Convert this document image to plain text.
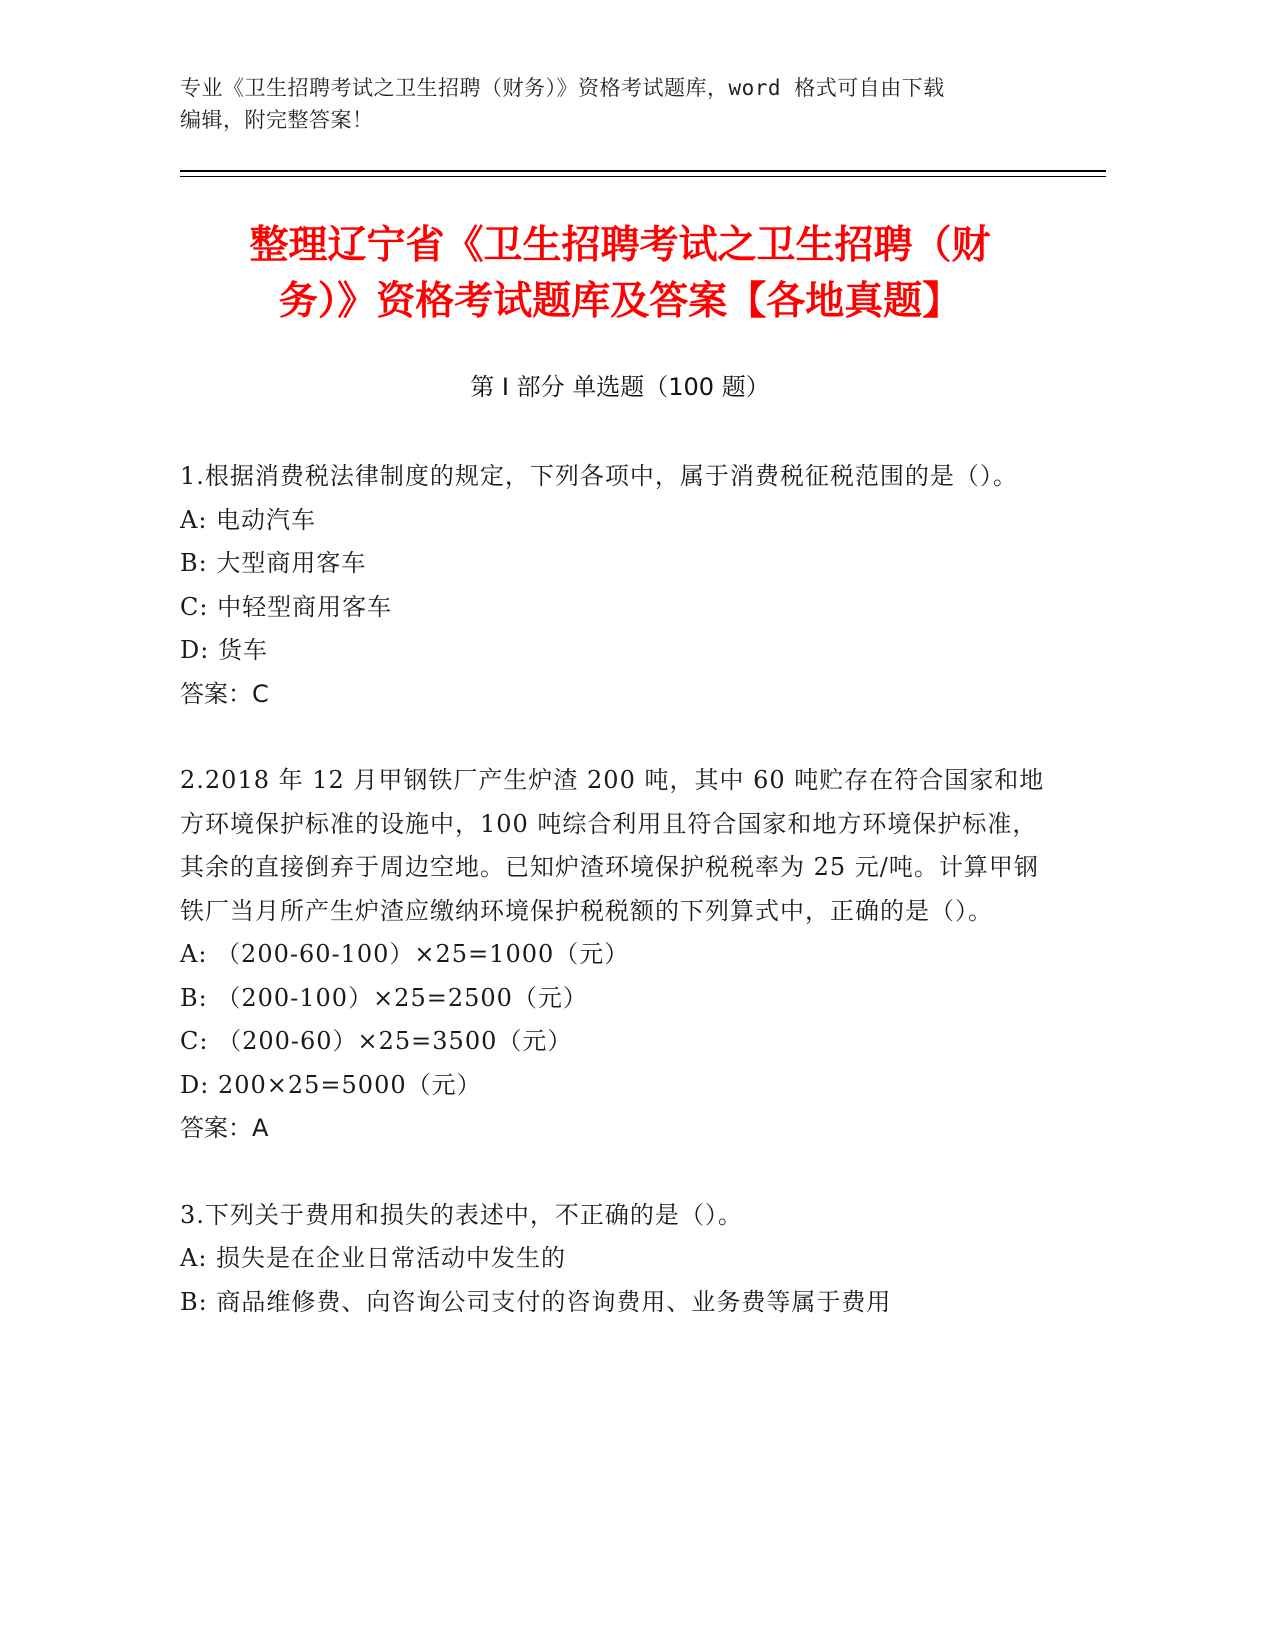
专业《卫生招聘考试之卫生招聘（财务）》资格考试题库，word 格式可自由下载
编辑，附完整答案！
整理辽宁省《卫生招聘考试之卫生招聘（财
务）》资格考试题库及答案【各地真题】
第 I 部分 单选题（100 题）

1.根据消费税法律制度的规定，下列各项中，属于消费税征税范围的是（）。

A: 电动汽车

B: 大型商用客车

C: 中轻型商用客车

D: 货车

答案：C

2.2018 年 12 月甲钢铁厂产生炉渣 200 吨，其中 60 吨贮存在符合国家和地方环境保护标准的设施中，100 吨综合利用且符合国家和地方环境保护标准，其余的直接倒弃于周边空地。已知炉渣环境保护税税率为 25 元/吨。计算甲钢铁厂当月所产生炉渣应缴纳环境保护税税额的下列算式中，正确的是（）。

A: （200-60-100）×25=1000（元）

B: （200-100）×25=2500（元）

C: （200-60）×25=3500（元）

D: 200×25=5000（元）

答案：A

3.下列关于费用和损失的表述中，不正确的是（）。

A: 损失是在企业日常活动中发生的

B: 商品维修费、向咨询公司支付的咨询费用、业务费等属于费用
